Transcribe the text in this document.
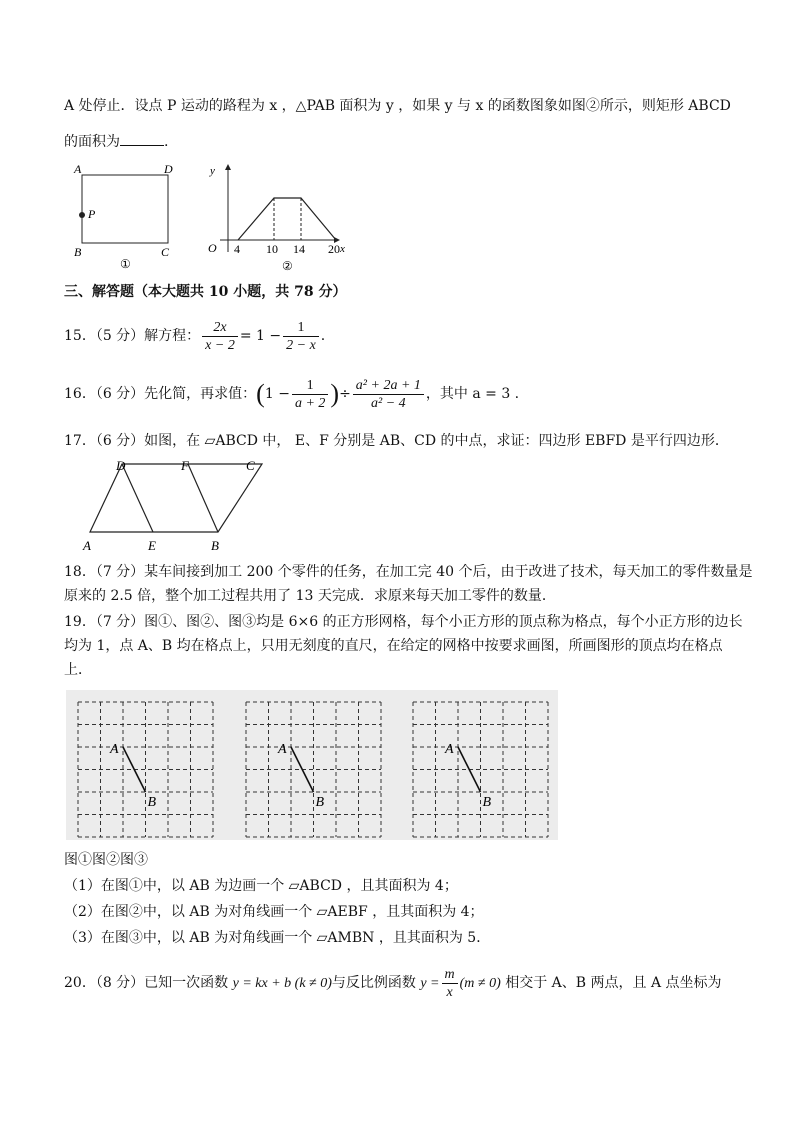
A 处停止．设点 P 运动的路程为 x ，△PAB 面积为 y ，如果 y 与 x 的函数图象如图②所示，则矩形 ABCD
的面积为	.
A	D
P
B	C
①
y
x
O 4 10 14 20
②
三、解答题（本大题共 10 小题，共 78 分）
15．（5 分）解方程： $\frac{2x}{x - 2} = 1 - \frac{1}{2 - x}$ .
16．（6 分）先化简，再求值：($1 - \frac{1}{a + 2}$ )÷ $\frac{\text{a² + 2a + 1}}{\text{a² − 4}}$ ，其中 a = 3 .
17．（6 分）如图，在 ▱ABCD 中， E、F 分别是 AB、CD 的中点，求证：四边形 EBFD 是平行四边形．
D	F	C
A	E	B
18．（7 分）某车间接到加工 200 个零件的任务，在加工完 40 个后，由于改进了技术，每天加工的零件数量是
原来的 2.5 倍，整个加工过程共用了 13 天完成．求原来每天加工零件的数量．
19．（7 分）图①、图②、图③均是 6×6 的正方形网格，每个小正方形的顶点称为格点，每个小正方形的边长
均为 1，点 A、B 均在格点上，只用无刻度的直尺，在给定的网格中按要求画图，所画图形的顶点均在格点
上．
A
B
A
B
A
B
图①图②图③
（1）在图①中，以 AB 为边画一个 ▱ABCD ，且其面积为 4；
（2）在图②中，以 AB 为对角线画一个 ▱AEBF ，且其面积为 4；
（3）在图③中，以 AB 为对角线画一个 ▱AMBN ，且其面积为 5．
20．（8 分）已知一次函数 y = kx + b (k ≠ 0)与反比例函数 $y = \frac{m}{x} (m \ne 0)$ 相交于 A、B 两点，且 A 点坐标为
